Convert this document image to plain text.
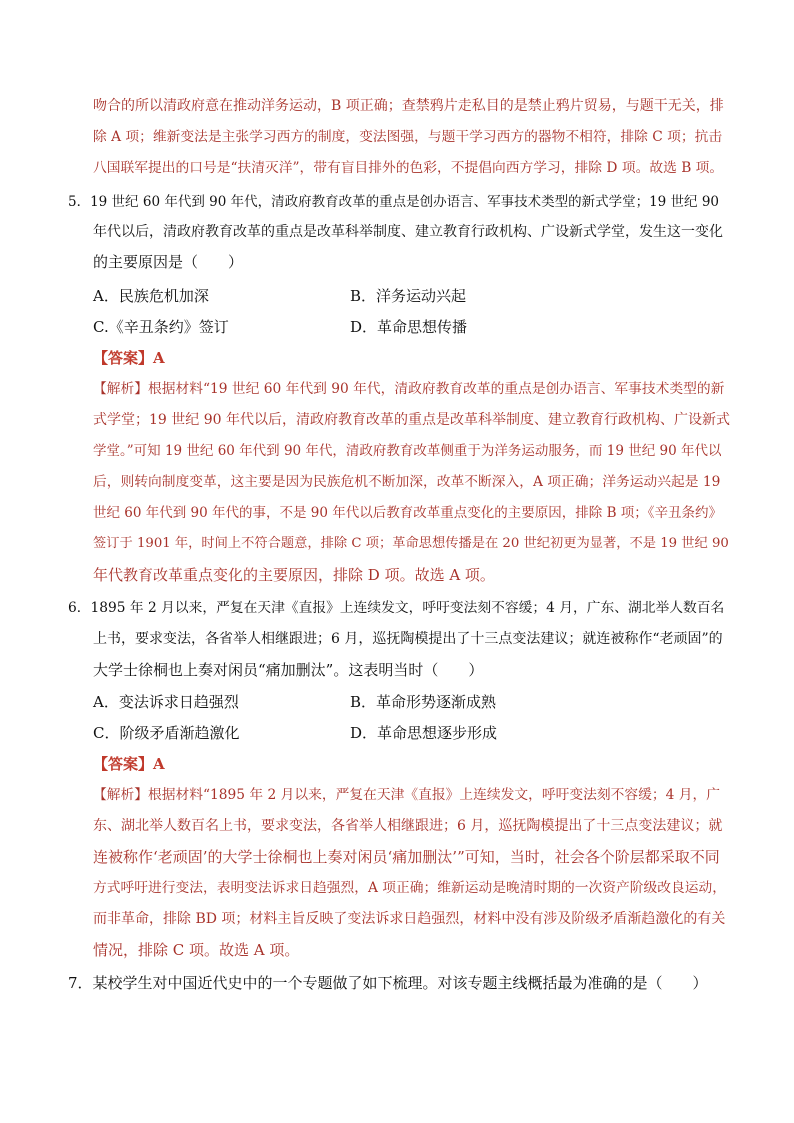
吻合的所以清政府意在推动洋务运动，B 项正确；查禁鸦片走私目的是禁止鸦片贸易，与题干无关，排
除 A 项；维新变法是主张学习西方的制度，变法图强，与题干学习西方的器物不相符，排除 C 项；抗击
八国联军提出的口号是“扶清灭洋”，带有盲目排外的色彩，不提倡向西方学习，排除 D 项。故选 B 项。
5．19 世纪 60 年代到 90 年代，清政府教育改革的重点是创办语言、军事技术类型的新式学堂；19 世纪 90
年代以后，清政府教育改革的重点是改革科举制度、建立教育行政机构、广设新式学堂，发生这一变化
的主要原因是（　　）
A．民族危机加深	B．洋务运动兴起
C.《辛丑条约》签订	D．革命思想传播
【答案】A
【解析】根据材料“19 世纪 60 年代到 90 年代，清政府教育改革的重点是创办语言、军事技术类型的新
式学堂；19 世纪 90 年代以后，清政府教育改革的重点是改革科举制度、建立教育行政机构、广设新式
学堂。”可知 19 世纪 60 年代到 90 年代，清政府教育改革侧重于为洋务运动服务，而 19 世纪 90 年代以
后，则转向制度变革，这主要是因为民族危机不断加深，改革不断深入，A 项正确；洋务运动兴起是 19
世纪 60 年代到 90 年代的事，不是 90 年代以后教育改革重点变化的主要原因，排除 B 项；《辛丑条约》
签订于 1901 年，时间上不符合题意，排除 C 项；革命思想传播是在 20 世纪初更为显著，不是 19 世纪 90
年代教育改革重点变化的主要原因，排除 D 项。故选 A 项。
6．1895 年 2 月以来，严复在天津《直报》上连续发文，呼吁变法刻不容缓；4 月，广东、湖北举人数百名
上书，要求变法，各省举人相继跟进；6 月，巡抚陶模提出了十三点变法建议；就连被称作“老顽固”的
大学士徐桐也上奏对闲员“痛加删汰”。这表明当时（　　）
A．变法诉求日趋强烈	B．革命形势逐渐成熟
C．阶级矛盾渐趋激化	D．革命思想逐步形成
【答案】A
【解析】根据材料“1895 年 2 月以来，严复在天津《直报》上连续发文，呼吁变法刻不容缓；4 月，广
东、湖北举人数百名上书，要求变法，各省举人相继跟进；6 月，巡抚陶模提出了十三点变法建议；就
连被称作‘老顽固’的大学士徐桐也上奏对闲员‘痛加删汰’”可知，当时，社会各个阶层都采取不同
方式呼吁进行变法，表明变法诉求日趋强烈，A 项正确；维新运动是晚清时期的一次资产阶级改良运动，
而非革命，排除 BD 项；材料主旨反映了变法诉求日趋强烈，材料中没有涉及阶级矛盾渐趋激化的有关
情况，排除 C 项。故选 A 项。
7．某校学生对中国近代史中的一个专题做了如下梳理。对该专题主线概括最为准确的是（　　）
